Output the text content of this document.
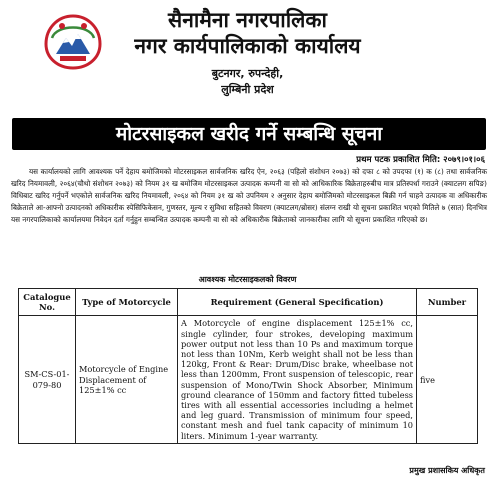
सैनामैना नगरपालिका
नगर कार्यपालिकाको कार्यालय
बुटनगर, रुपन्देही,
लुम्बिनी प्रदेश
मोटरसाइकल खरीद गर्ने सम्बन्धि सूचना
प्रथम पटक प्रकाशित मिति: २०७९।०१।०६
यस कार्यालयको लागि आवश्यक पर्ने देहाय बमोजिमको मोटरसाइकल सार्वजनिक खरिद ऐन, २०६३ (पहिलो संशोधन २०७३) को दफा ८ को उपदफा (१) क (८) तथा सार्वजनिक खरिद नियमावली, २०६४(चौथो संशोधन २०७३) को नियम ३१ ख बमोजिम मोटरसाइकल उत्पादक कम्पनी वा सो को आधिकारिक बिक्रेताहरुबीच मात्र प्रतिस्पर्धा गराउने (क्याटलग सपिङ) विधिबाट खरिद गर्नुपर्ने भएकोले सार्वजनिक खरिद नियमावली, २०६४ को नियम ३१ ख को उपनियम २ अनुसार देहाय बमोजिमको मोटरसाइकल बिक्री गर्न चाहने उत्पादक वा अधिकारीक बिक्रेताले आ-आफ्नो उत्पादनको अधिकारीक स्पेसिफिकेसन, गुणस्तर, मूल्य र सुविधा सहितको विवरण (क्याटलग/ब्रोसर) संलग्न राखी यो सूचना प्रकाशित भएको मितिले ७ (सात) दिनभित्र यस नगरपालिकाको कार्यालयमा निवेदन दर्ता गर्नुहुन सम्बन्धित उत्पादक कम्पनी वा सो को अधिकारीक बिक्रेताको जानकारीका लागि यो सूचना प्रकाशित गरिएको छ।
आवश्यक मोटरसाइकलको विवरण
Catalogue No.	Type of Motorcycle	Requirement (General Specification)	Number
SM-CS-01-079-80	Motorcycle of Engine Displacement of 125±1% cc	A Motorcycle of engine displacement 125±1% cc, single cylinder, four strokes, developing maximum power output not less than 10 Ps and maximum torque not less than 10Nm, Kerb weight shall not be less than 120kg, Front & Rear: Drum/Disc brake, wheelbase not less than 1200mm, Front suspension of telescopic, rear suspension of Mono/Twin Shock Absorber, Minimum ground clearance of 150mm and factory fitted tubeless tires with all essential accessories including a helmet and leg guard. Transmission of minimum four speed, constant mesh and fuel tank capacity of minimum 10 liters. Minimum 1-year warranty.	five
प्रमुख प्रशासकिय अधिकृत
